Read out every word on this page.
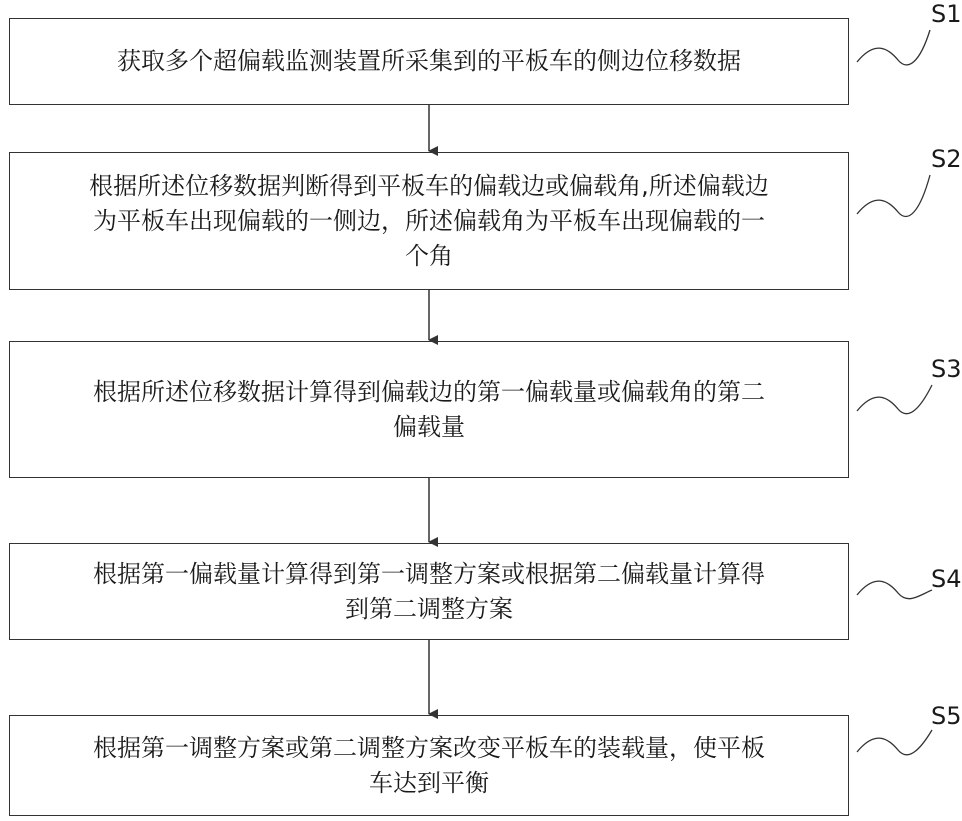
获取多个超偏载监测装置所采集到的平板车的侧边位移数据
根据所述位移数据判断得到平板车的偏载边或偏载角,所述偏载边
为平板车出现偏载的一侧边，所述偏载角为平板车出现偏载的一
个角
根据所述位移数据计算得到偏载边的第一偏载量或偏载角的第二
偏载量
根据第一偏载量计算得到第一调整方案或根据第二偏载量计算得
到第二调整方案
根据第一调整方案或第二调整方案改变平板车的装载量，使平板
车达到平衡
S1
S2
S3
S4
S5
